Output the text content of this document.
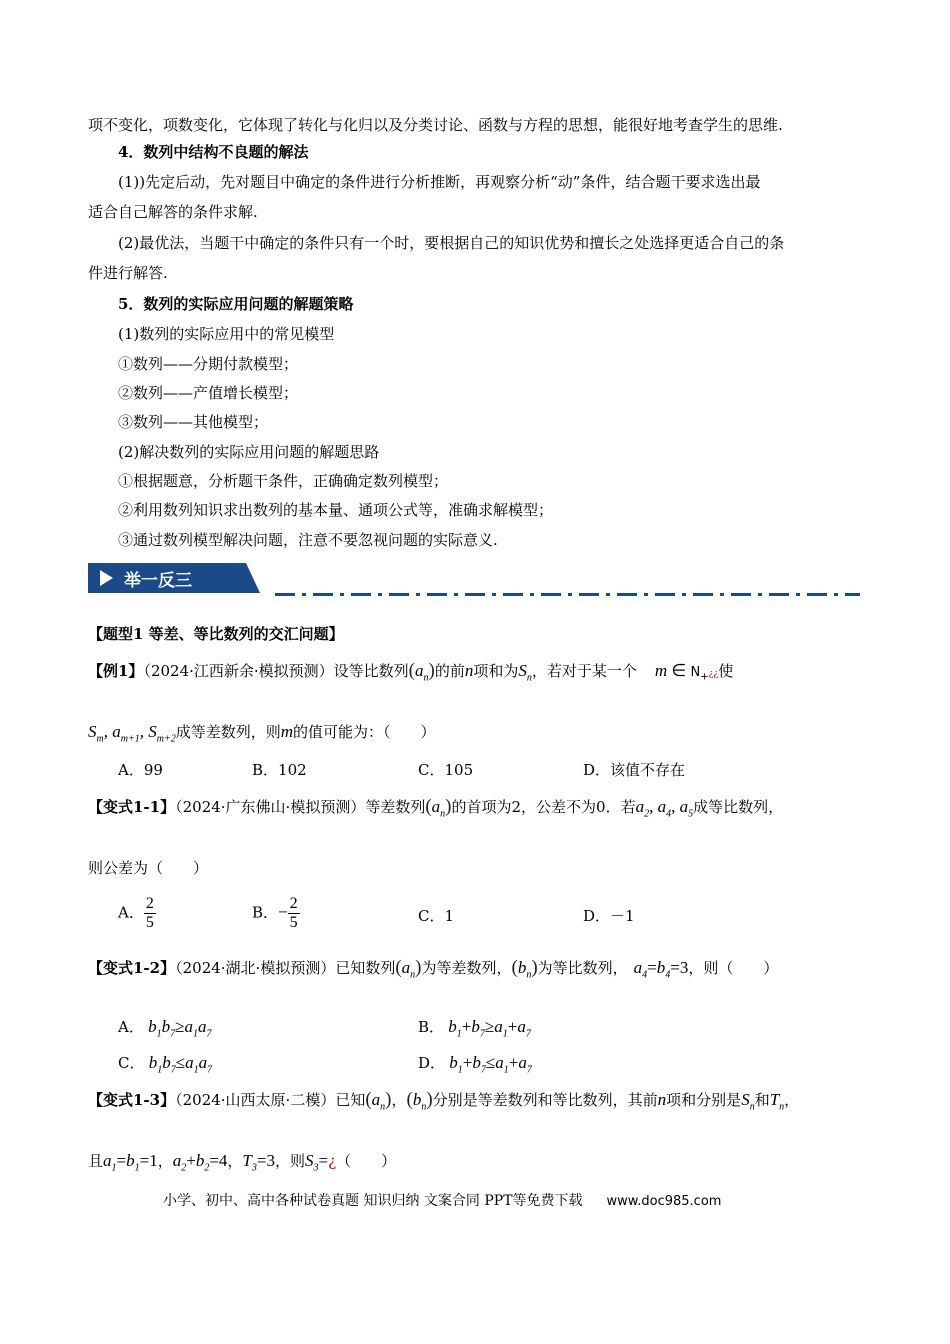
项不变化，项数变化，它体现了转化与化归以及分类讨论、函数与方程的思想，能很好地考查学生的思维.
4．数列中结构不良题的解法
(1))先定后动，先对题目中确定的条件进行分析推断，再观察分析“动”条件，结合题干要求选出最
适合自己解答的条件求解.
(2)最优法，当题干中确定的条件只有一个时，要根据自己的知识优势和擅长之处选择更适合自己的条
件进行解答.
5．数列的实际应用问题的解题策略
(1)数列的实际应用中的常见模型
①数列——分期付款模型；
②数列——产值增长模型；
③数列——其他模型；
(2)解决数列的实际应用问题的解题思路
①根据题意，分析题干条件，正确确定数列模型；
②利用数列知识求出数列的基本量、通项公式等，准确求解模型；
③通过数列模型解决问题，注意不要忽视问题的实际意义.
举一反三
【题型1 等差、等比数列的交汇问题】
【例1】（2024·江西新余·模拟预测）设等比数列$(a_n)$的前n项和为$S_n$，若对于某一个 m ∈ $N_+¿¿$使
$S_m$, $a_{m+1}$, $S_{m+2}$成等差数列，则m的值可能为：（　　）
A．99	B．102	C．105	D．该值不存在
【变式1-1】（2024·广东佛山·模拟预测）等差数列$(a_n)$的首项为2，公差不为0．若$a_2$, $a_4$, $a_5$成等比数列，
则公差为（　　）
A． $\frac{2}{5}$	B．− $\frac{2}{5}$	C．1	D．－1
【变式1-2】（2024·湖北·模拟预测）已知数列$(a_n)$为等差数列，$(b_n)$为等比数列， $a_4=b_4=3$，则（　　）
A． $b_1b_7\ge a_1a_7$	B． $b_1+b_7\ge a_1+a_7$
C． $b_1b_7\le a_1a_7$	D． $b_1+b_7\le a_1+a_7$
【变式1-3】（2024·山西太原·二模）已知$(a_n)$，$(b_n)$分别是等差数列和等比数列，其前n项和分别是$S_n$和$T_n$，
且$a_1=b_1=1$，$a_2+b_2=4$，$T_3=3$，则$S_3=¿$（　　）
小学、初中、高中各种试卷真题 知识归纳 文案合同 PPT等免费下载 www.doc985.com
